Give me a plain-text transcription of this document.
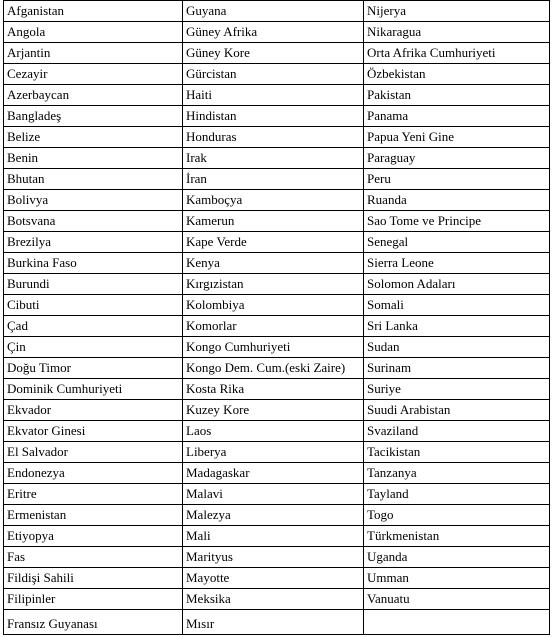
Afganistan	Guyana	Nijerya
Angola	Güney Afrika	Nikaragua
Arjantin	Güney Kore	Orta Afrika Cumhuriyeti
Cezayir	Gürcistan	Özbekistan
Azerbaycan	Haiti	Pakistan
Bangladeş	Hindistan	Panama
Belize	Honduras	Papua Yeni Gine
Benin	Irak	Paraguay
Bhutan	İran	Peru
Bolivya	Kamboçya	Ruanda
Botsvana	Kamerun	Sao Tome ve Principe
Brezilya	Kape Verde	Senegal
Burkina Faso	Kenya	Sierra Leone
Burundi	Kırgızistan	Solomon Adaları
Cibuti	Kolombiya	Somali
Çad	Komorlar	Sri Lanka
Çin	Kongo Cumhuriyeti	Sudan
Doğu Timor	Kongo Dem. Cum.(eski Zaire)	Surinam
Dominik Cumhuriyeti	Kosta Rika	Suriye
Ekvador	Kuzey Kore	Suudi Arabistan
Ekvator Ginesi	Laos	Svaziland
El Salvador	Liberya	Tacikistan
Endonezya	Madagaskar	Tanzanya
Eritre	Malavi	Tayland
Ermenistan	Malezya	Togo
Etiyopya	Mali	Türkmenistan
Fas	Marityus	Uganda
Fildişi Sahili	Mayotte	Umman
Filipinler	Meksika	Vanuatu
Fransız Guyanası	Mısır	
